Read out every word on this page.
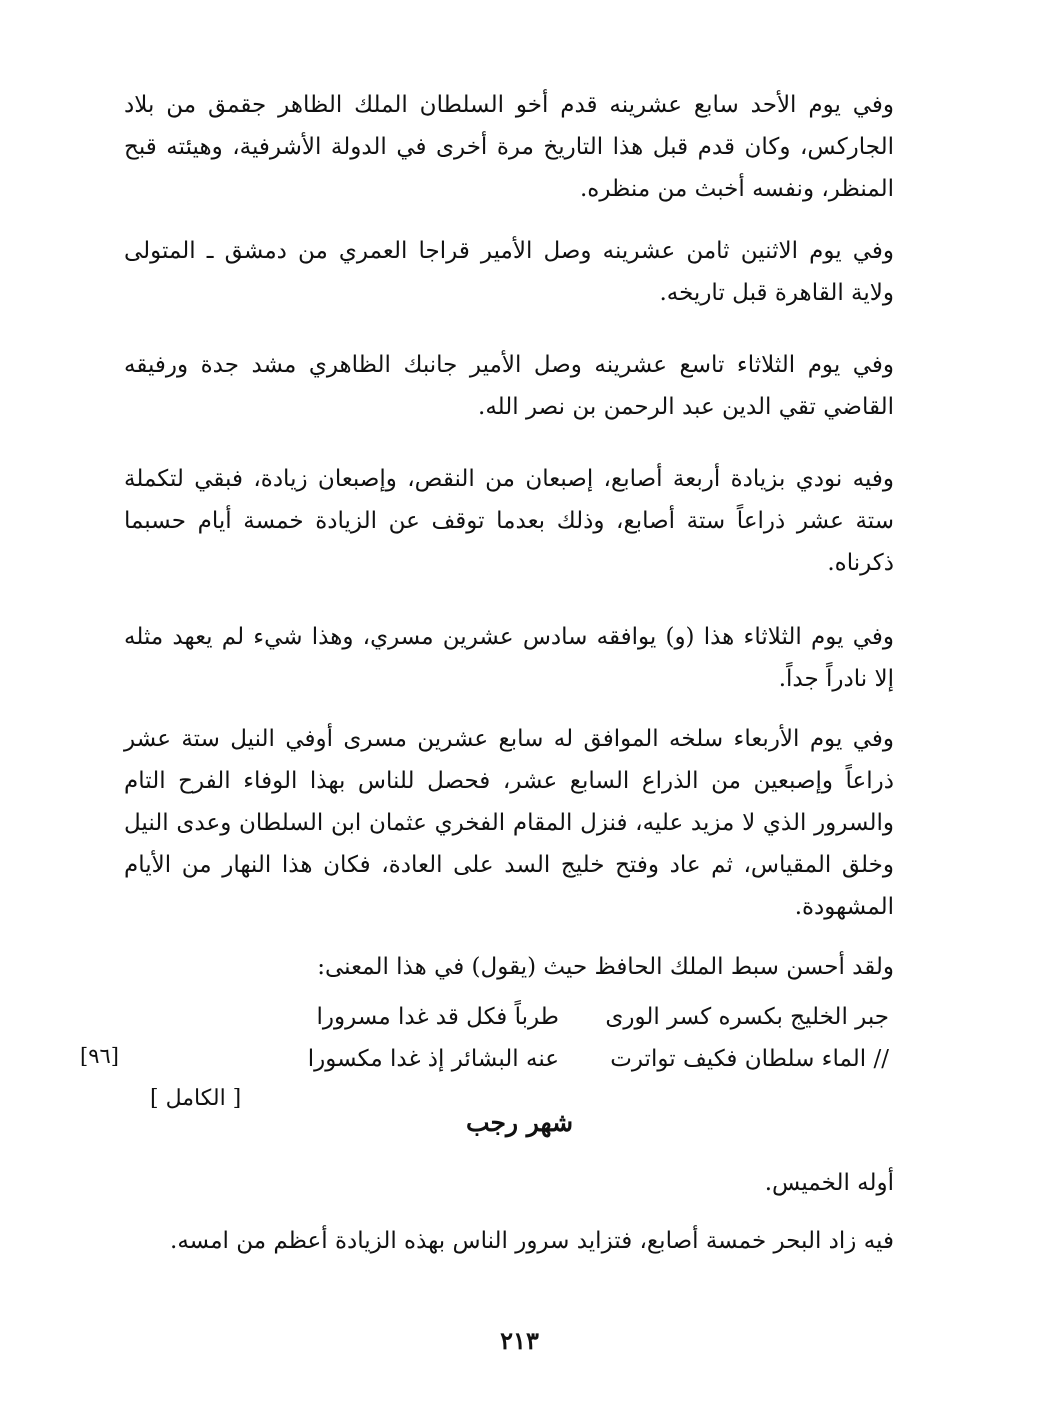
وفي يوم الأحد سابع عشرينه قدم أخو السلطان الملك الظاهر جقمق من بلاد الجاركس، وكان قدم قبل هذا التاريخ مرة أخرى في الدولة الأشرفية، وهيئته قبح المنظر، ونفسه أخبث من منظره.

وفي يوم الاثنين ثامن عشرينه وصل الأمير قراجا العمري من دمشق ـ المتولى ولاية القاهرة قبل تاريخه.

وفي يوم الثلاثاء تاسع عشرينه وصل الأمير جانبك الظاهري مشد جدة ورفيقه القاضي تقي الدين عبد الرحمن بن نصر الله.

وفيه نودي بزيادة أربعة أصابع، إصبعان من النقص، وإصبعان زيادة، فبقي لتكملة ستة عشر ذراعاً ستة أصابع، وذلك بعدما توقف عن الزيادة خمسة أيام حسبما ذكرناه.

وفي يوم الثلاثاء هذا (و) يوافقه سادس عشرين مسري، وهذا شيء لم يعهد مثله إلا نادراً جداً.

وفي يوم الأربعاء سلخه الموافق له سابع عشرين مسرى أوفي النيل ستة عشر ذراعاً وإصبعين من الذراع السابع عشر، فحصل للناس بهذا الوفاء الفرح التام والسرور الذي لا مزيد عليه، فنزل المقام الفخري عثمان ابن السلطان وعدى النيل وخلق المقياس، ثم عاد وفتح خليج السد على العادة، فكان هذا النهار من الأيام المشهودة.

ولقد أحسن سبط الملك الحافظ حيث (يقول) في هذا المعنى:

جبر الخليج بكسره كسر الورىطرباً فكل قد غدا مسرورا
// الماء سلطان فكيف تواترتعنه البشائر إذ غدا مكسورا
[٩٦]
[ الكامل ]
شهر رجب

أوله الخميس.

فيه زاد البحر خمسة أصابع، فتزايد سرور الناس بهذه الزيادة أعظم من امسه.

٢١٣
